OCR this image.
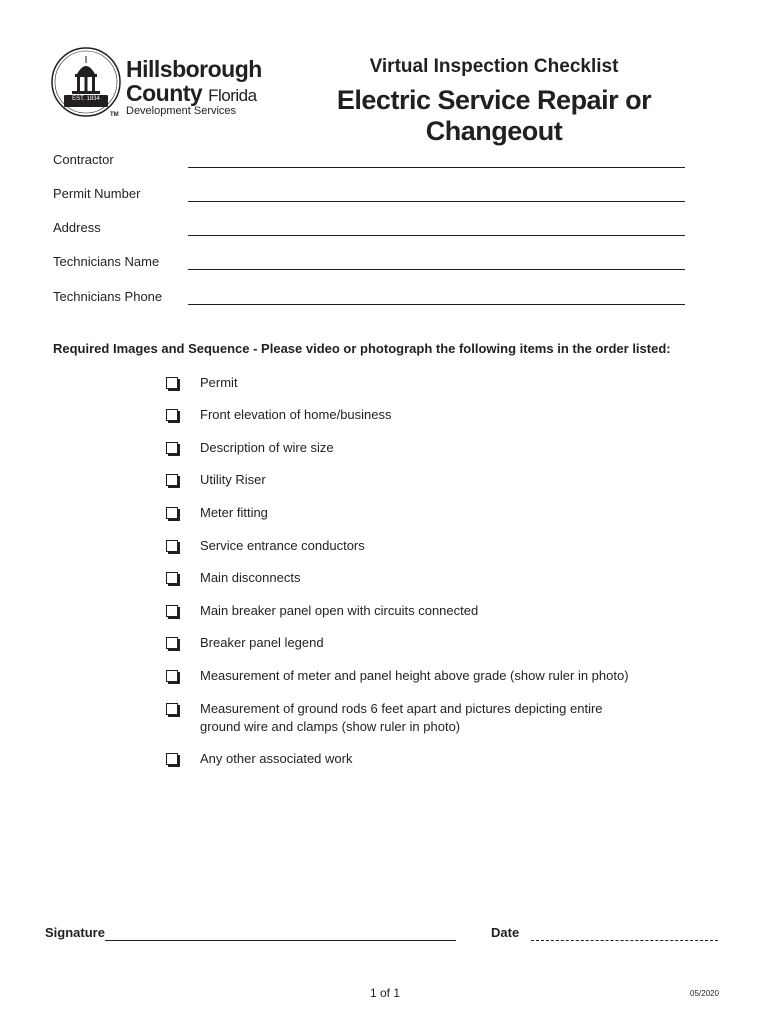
EST. 1834
TM
Hillsborough
County Florida
Development Services
Virtual Inspection Checklist
Electric Service Repair or Changeout
Contractor
Permit Number
Address
Technicians Name
Technicians Phone
Required Images and Sequence - Please video or photograph the following items in the order listed:
Permit
Front elevation of home/business
Description of wire size
Utility Riser
Meter fitting
Service entrance conductors
Main disconnects
Main breaker panel open with circuits connected
Breaker panel legend
Measurement of meter and panel height above grade (show ruler in photo)
Measurement of ground rods 6 feet apart and pictures depicting entire ground wire and clamps (show ruler in photo)
Any other associated work
Signature	Date
1 of 1	05/2020
